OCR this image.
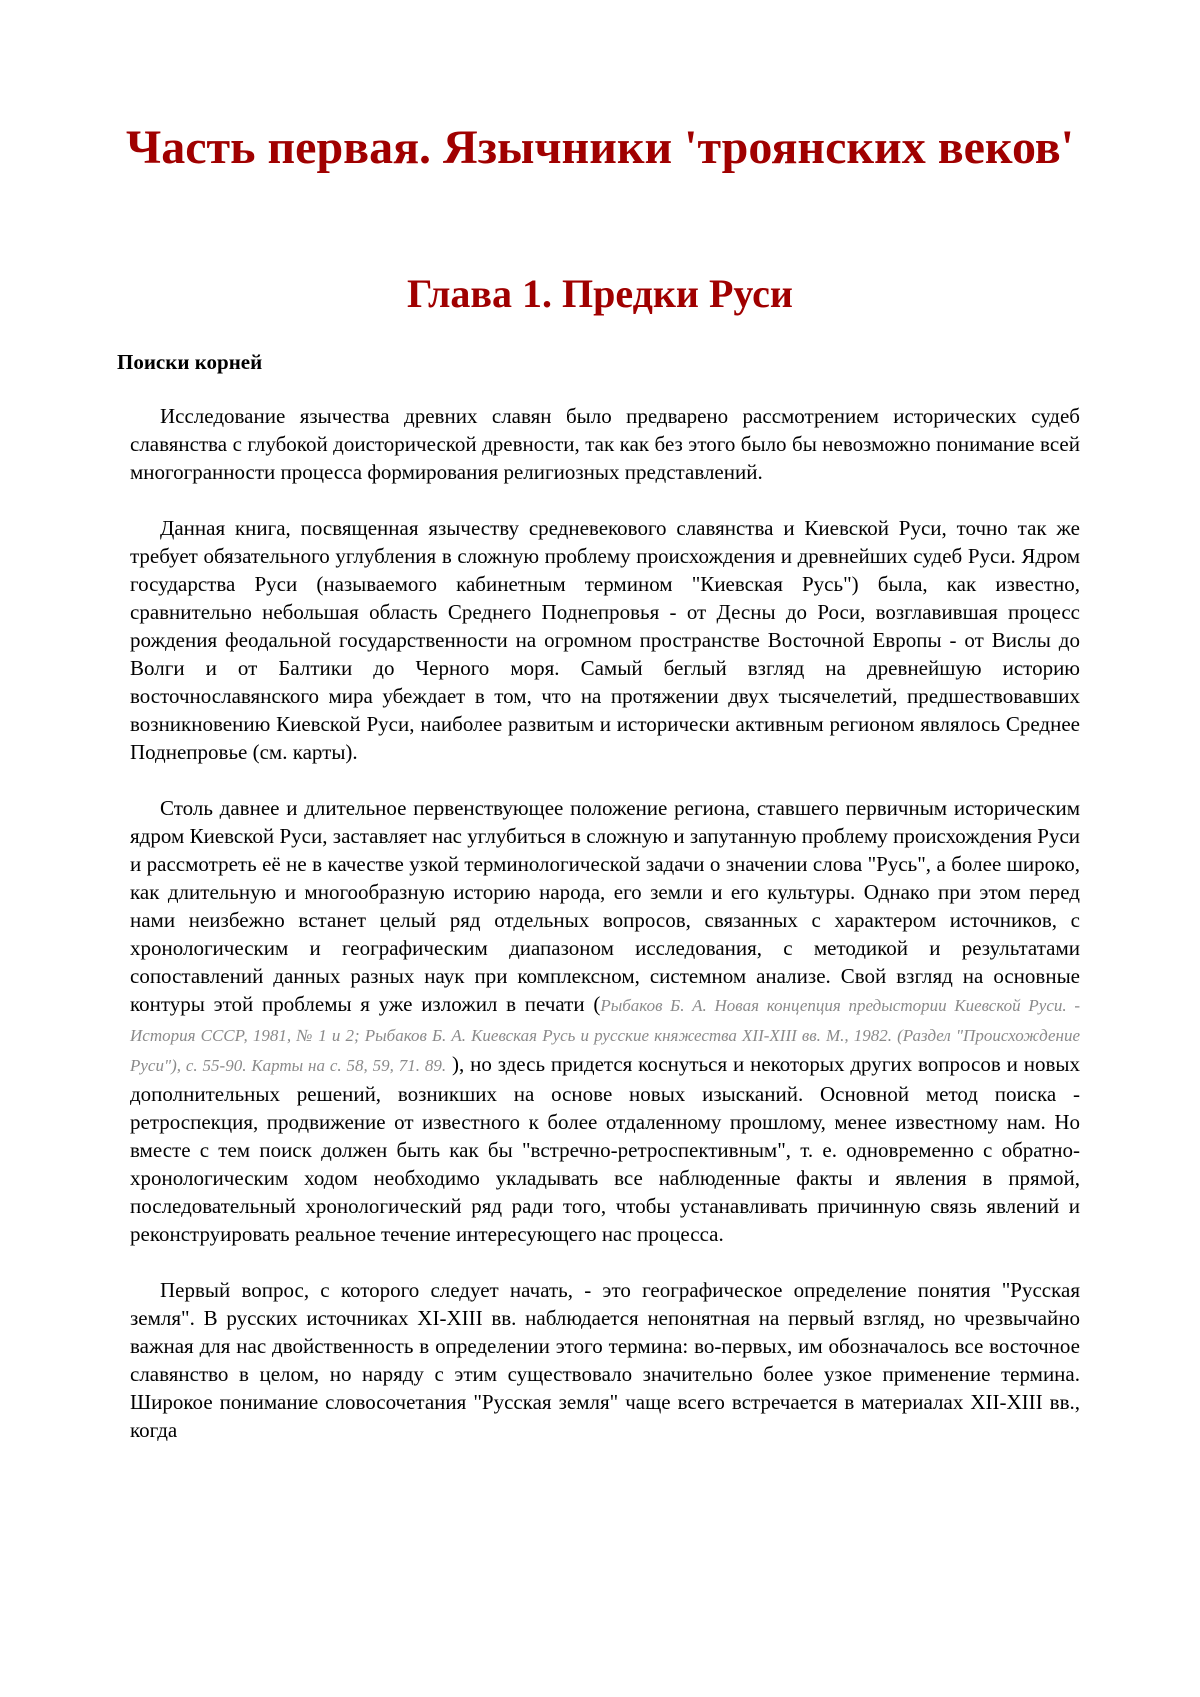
Часть первая. Язычники 'троянских веков'
Глава 1. Предки Руси
Поиски корней

Исследование язычества древних славян было предварено рассмотрением исторических судеб славянства с глубокой доисторической древности, так как без этого было бы невозможно понимание всей многогранности процесса формирования религиозных представлений.

Данная книга, посвященная язычеству средневекового славянства и Киевской Руси, точно так же требует обязательного углубления в сложную проблему происхождения и древнейших судеб Руси. Ядром государства Руси (называемого кабинетным термином "Киевская Русь") была, как известно, сравнительно небольшая область Среднего Поднепровья - от Десны до Роси, возглавившая процесс рождения феодальной государственности на огромном пространстве Восточной Европы - от Вислы до Волги и от Балтики до Черного моря. Самый беглый взгляд на древнейшую историю восточнославянского мира убеждает в том, что на протяжении двух тысячелетий, предшествовавших возникновению Киевской Руси, наиболее развитым и исторически активным регионом являлось Среднее Поднепровье (см. карты).

Столь давнее и длительное первенствующее положение региона, ставшего первичным историческим ядром Киевской Руси, заставляет нас углубиться в сложную и запутанную проблему происхождения Руси и рассмотреть её не в качестве узкой терминологической задачи о значении слова "Русь", а более широко, как длительную и многообразную историю народа, его земли и его культуры. Однако при этом перед нами неизбежно встанет целый ряд отдельных вопросов, связанных с характером источников, с хронологическим и географическим диапазоном исследования, с методикой и результатами сопоставлений данных разных наук при комплексном, системном анализе. Свой взгляд на основные контуры этой проблемы я уже изложил в печати (Рыбаков Б. А. Новая концепция предыстории Киевской Руси. - История СССР, 1981, № 1 и 2; Рыбаков Б. А. Киевская Русь и русские княжества XII-XIII вв. М., 1982. (Раздел "Происхождение Руси"), с. 55-90. Карты на с. 58, 59, 71. 89. ), но здесь придется коснуться и некоторых других вопросов и новых дополнительных решений, возникших на основе новых изысканий. Основной метод поиска - ретроспекция, продвижение от известного к более отдаленному прошлому, менее известному нам. Но вместе с тем поиск должен быть как бы "встречно-ретроспективным", т. е. одновременно с обратно-хронологическим ходом необходимо укладывать все наблюденные факты и явления в прямой, последовательный хронологический ряд ради того, чтобы устанавливать причинную связь явлений и реконструировать реальное течение интересующего нас процесса.

Первый вопрос, с которого следует начать, - это географическое определение понятия "Русская земля". В русских источниках XI-XIII вв. наблюдается непонятная на первый взгляд, но чрезвычайно важная для нас двойственность в определении этого термина: во-первых, им обозначалось все восточное славянство в целом, но наряду с этим существовало значительно более узкое применение термина. Широкое понимание словосочетания "Русская земля" чаще всего встречается в материалах XII-XIII вв., когда
